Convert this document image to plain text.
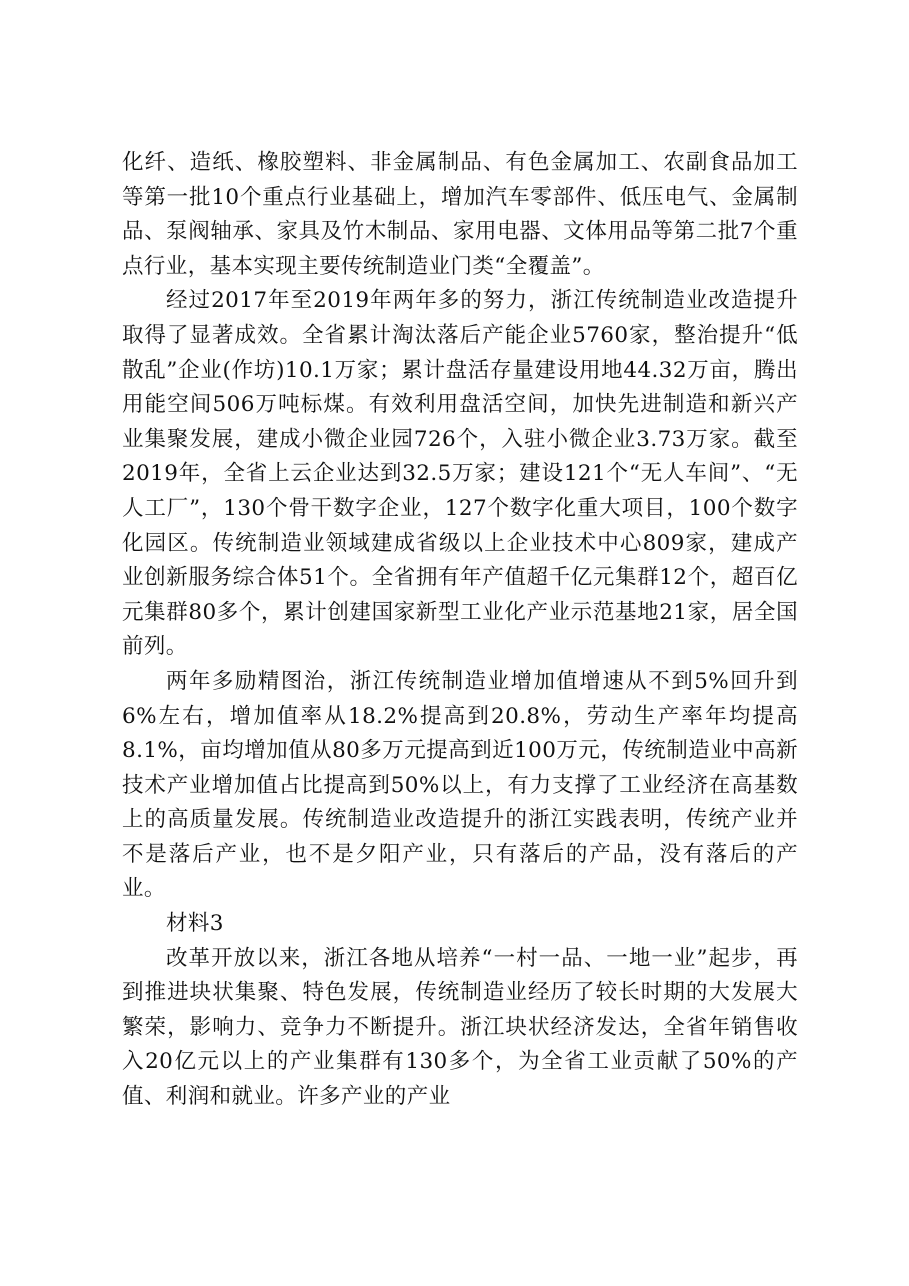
化纤、造纸、橡胶塑料、非金属制品、有色金属加工、农副食品加工等第一批10个重点行业基础上，增加汽车零部件、低压电气、金属制品、泵阀轴承、家具及竹木制品、家用电器、文体用品等第二批7个重点行业，基本实现主要传统制造业门类“全覆盖”。

经过2017年至2019年两年多的努力，浙江传统制造业改造提升取得了显著成效。全省累计淘汰落后产能企业5760家，整治提升“低散乱”企业(作坊)10.1万家；累计盘活存量建设用地44.32万亩，腾出用能空间506万吨标煤。有效利用盘活空间，加快先进制造和新兴产业集聚发展，建成小微企业园726个，入驻小微企业3.73万家。截至2019年，全省上云企业达到32.5万家；建设121个“无人车间”、“无人工厂”，130个骨干数字企业，127个数字化重大项目，100个数字化园区。传统制造业领域建成省级以上企业技术中心809家，建成产业创新服务综合体51个。全省拥有年产值超千亿元集群12个，超百亿元集群80多个，累计创建国家新型工业化产业示范基地21家，居全国前列。

两年多励精图治，浙江传统制造业增加值增速从不到5%回升到6%左右，增加值率从18.2%提高到20.8%，劳动生产率年均提高8.1%，亩均增加值从80多万元提高到近100万元，传统制造业中高新技术产业增加值占比提高到50%以上，有力支撑了工业经济在高基数上的高质量发展。传统制造业改造提升的浙江实践表明，传统产业并不是落后产业，也不是夕阳产业，只有落后的产品，没有落后的产业。

材料3

改革开放以来，浙江各地从培养“一村一品、一地一业”起步，再到推进块状集聚、特色发展，传统制造业经历了较长时期的大发展大繁荣，影响力、竞争力不断提升。浙江块状经济发达，全省年销售收入20亿元以上的产业集群有130多个，为全省工业贡献了50%的产值、利润和就业。许多产业的产业
